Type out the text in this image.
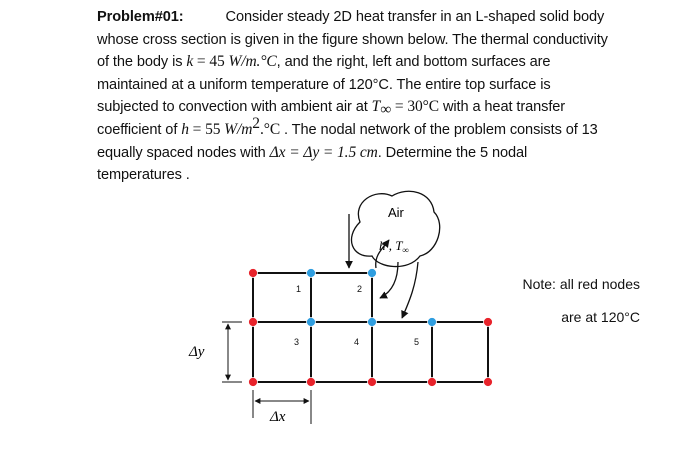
Problem#01:	Consider steady 2D heat transfer in an L-shaped solid body
whose cross section is given in the figure shown below. The thermal conductivity
of the body is k = 45 W/m.°C, and the right, left and bottom surfaces are
maintained at a uniform temperature of 120°C. The entire top surface is
subjected to convection with ambient air at $T_\infty = 30^\circ C$ with a heat transfer
coefficient of h = 55 $W/m^2.^\circ C$ . The nodal network of the problem consists of 13
equally spaced nodes with Δx = Δy = 1.5 cm. Determine the 5 nodal
temperatures .
Air
h , $T_\infty$
Δy
Δx
1	2
3	4	5
Note: all red nodes
are at 120°C
